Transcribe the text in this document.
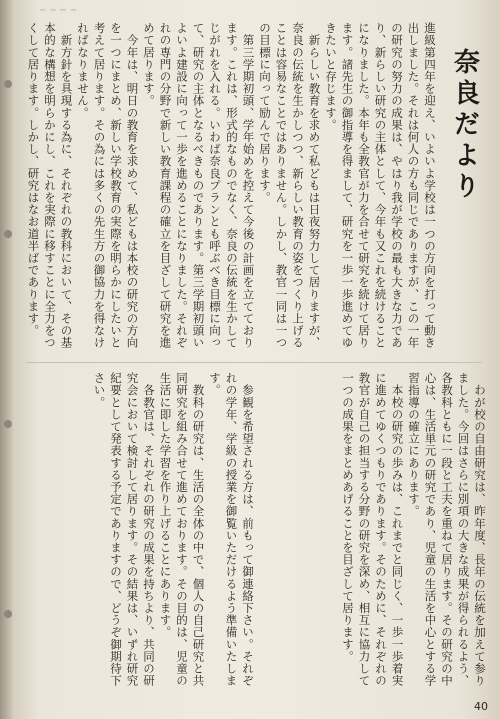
─ ─ ─ ─
奈良だより
進級第四年を迎え、いよいよ学校は一つの方向を打って動き出しました。それは何人の方も同じでありますが、この一年の研究の努力の成果は、やはり我が学校の最も大きな力であり、新らしい研究の主体として、今年も又これを続けることになりました。本年も全教官が力を合せて研究を続けて居ります。諸先生の御指導を得まして、研究を一歩一歩進めてゆきたいと存じます。
　新らしい教育を求めて私どもは日夜努力して居りますが、奈良の伝統を生かしつつ、新らしい教育の姿をつくり上げることは容易なことではありません。しかし、教官一同は一つの目標に向って励んで居ります。
　第三学期初頭、学年始めを控えて今後の計画を立てております。これは、形式的なものでなく、奈良の伝統を生かして
じがれを入れる。いわば奈良プランとも呼ぶべき目標に向って、研究の主体となるべきものであります。第三学期初頭いよいよ建設に向って一歩を進めることになりました。それぞれの専門の分野で新しい教育課程の確立を目ざして研究を進めて居ります。
　今年は、明日の教育を求めて、私どもは本校の研究の方向を一つにまとめ、新しい学校教育の実際を明らかにしたいと考えて居ります。その為には多くの先生方の御協力を得なければなりません。
　新方針を具現する為に、それぞれの教科において、その基本的な構想を明らかにし、これを実際に移すことに全力をつくして居ります。しかし、研究はなお道半ばであります。
　わが校の自由研究は、昨年度、長年の伝統を加えて参りました。今回はさらに別項の大きな成果が得られるよう、各教科ともに一段と工夫を重ねて居ります。その研究の中心は、生活単元の研究であり、児童の生活を中心とする学習指導の確立にあります。
　本校の研究の歩みは、これまでと同じく、一歩一歩着実に進めてゆくつもりであります。そのために、それぞれの教官が自己の担当する分野の研究を深め、相互に協力して一つの成果をまとめあげることを目ざして居ります。
　参観を希望される方は、前もって御連絡下さい。それぞれの学年、学級の授業を御覧いただけるよう準備いたします。
　教科の研究は、生活の全体の中で、個人の自己研究と共同研究を組み合せて進めております。その目的は、児童の生活に即した学習を作り上げることにあります。
　各教官は、それぞれの研究の成果を持ちより、共同の研究会において検討して居ります。その結果は、いずれ研究紀要として発表する予定でありますので、どうぞ御期待下さい。
40
